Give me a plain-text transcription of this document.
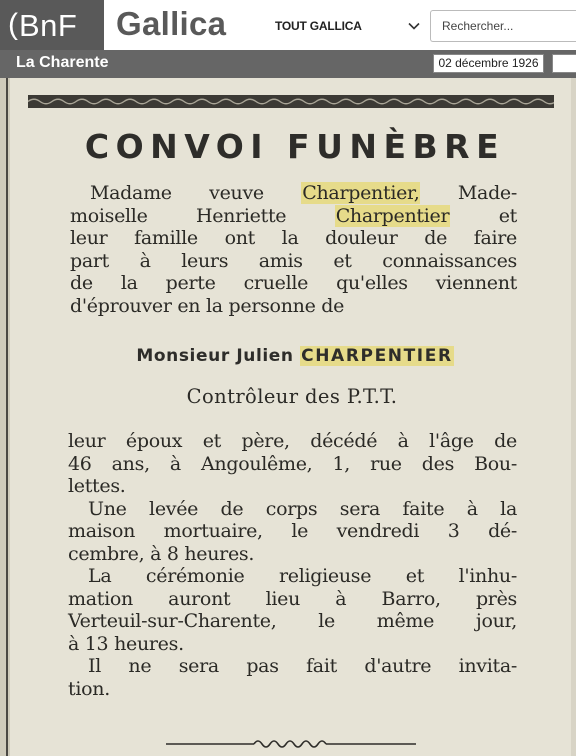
( BnF Gallica	TOUT GALLICA
Rechercher...
La Charente	02 décembre 1926
CONVOI FUNÈBRE
Madame veuve Charpentier, Made-
moiselle Henriette Charpentier et
leur famille ont la douleur de faire
part à leurs amis et connaissances
de la perte cruelle qu'elles viennent
d'éprouver en la personne de
Monsieur Julien CHARPENTIER
Contrôleur des P.T.T.
leur époux et père, décédé à l'âge de
46 ans, à Angoulême, 1, rue des Bou-
lettes.
Une levée de corps sera faite à la
maison mortuaire, le vendredi 3 dé-
cembre, à 8 heures.
La cérémonie religieuse et l'inhu-
mation auront lieu à Barro, près
Verteuil-sur-Charente, le même jour,
à 13 heures.
Il ne sera pas fait d'autre invita-
tion.
